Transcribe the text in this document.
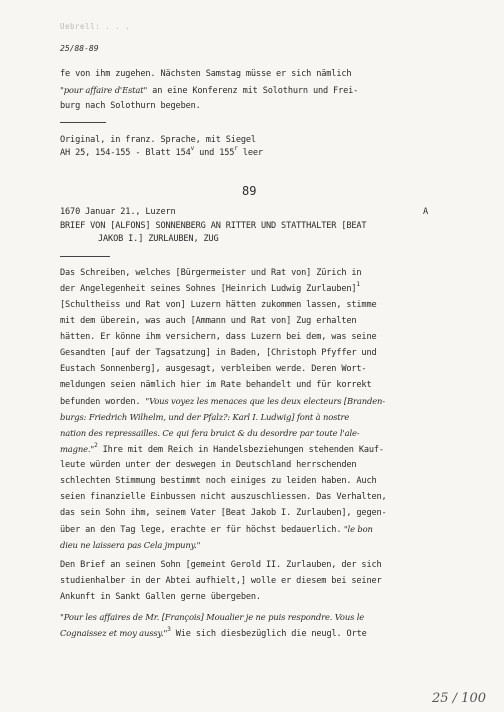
Uebrell: . . .
25/88-89
fe von ihm zugehen. Nächsten Samstag müsse er sich nämlich
"pour affaire d'Estat" an eine Konferenz mit Solothurn und Frei-
burg nach Solothurn begeben.
Original, in franz. Sprache, mit Siegel
AH 25, 154-155 - Blatt 154$^v$ und 155$^r$ leer
89
1670 Januar 21., Luzern	A
BRIEF VON [ALFONS] SONNENBERG AN RITTER UND STATTHALTER [BEAT
JAKOB I.] ZURLAUBEN, ZUG
Das Schreiben, welches [Bürgermeister und Rat von] Zürich in
der Angelegenheit seines Sohnes [Heinrich Ludwig Zurlauben]$^1$
[Schultheiss und Rat von] Luzern hätten zukommen lassen, stimme
mit dem überein, was auch [Ammann und Rat von] Zug erhalten
hätten. Er könne ihm versichern, dass Luzern bei dem, was seine
Gesandten [auf der Tagsatzung] in Baden, [Christoph Pfyffer und
Eustach Sonnenberg], ausgesagt, verbleiben werde. Deren Wort-
meldungen seien nämlich hier im Rate behandelt und für korrekt
befunden worden. "Vous voyez les menaces que les deux electeurs [Branden-
burgs: Friedrich Wilhelm, und der Pfalz?: Karl I. Ludwig] font à nostre
nation des repressailles. Ce qui fera bruict & du desordre par toute l'ale-
magne."$^2$ Ihre mit dem Reich in Handelsbeziehungen stehenden Kauf-
leute würden unter der deswegen in Deutschland herrschenden
schlechten Stimmung bestimmt noch einiges zu leiden haben. Auch
seien finanzielle Einbussen nicht auszuschliessen. Das Verhalten,
das sein Sohn ihm, seinem Vater [Beat Jakob I. Zurlauben], gegen-
über an den Tag lege, erachte er für höchst bedauerlich. "le bon
dieu ne laissera pas Cela jmpuny."
Den Brief an seinen Sohn [gemeint Gerold II. Zurlauben, der sich
studienhalber in der Abtei aufhielt,] wolle er diesem bei seiner
Ankunft in Sankt Gallen gerne übergeben.
"Pour les affaires de Mr. [François] Moualier je ne puis respondre. Vous le
Cognaissez et moy aussy."$^3$ Wie sich diesbezüglich die neugl. Orte
25 / 100
